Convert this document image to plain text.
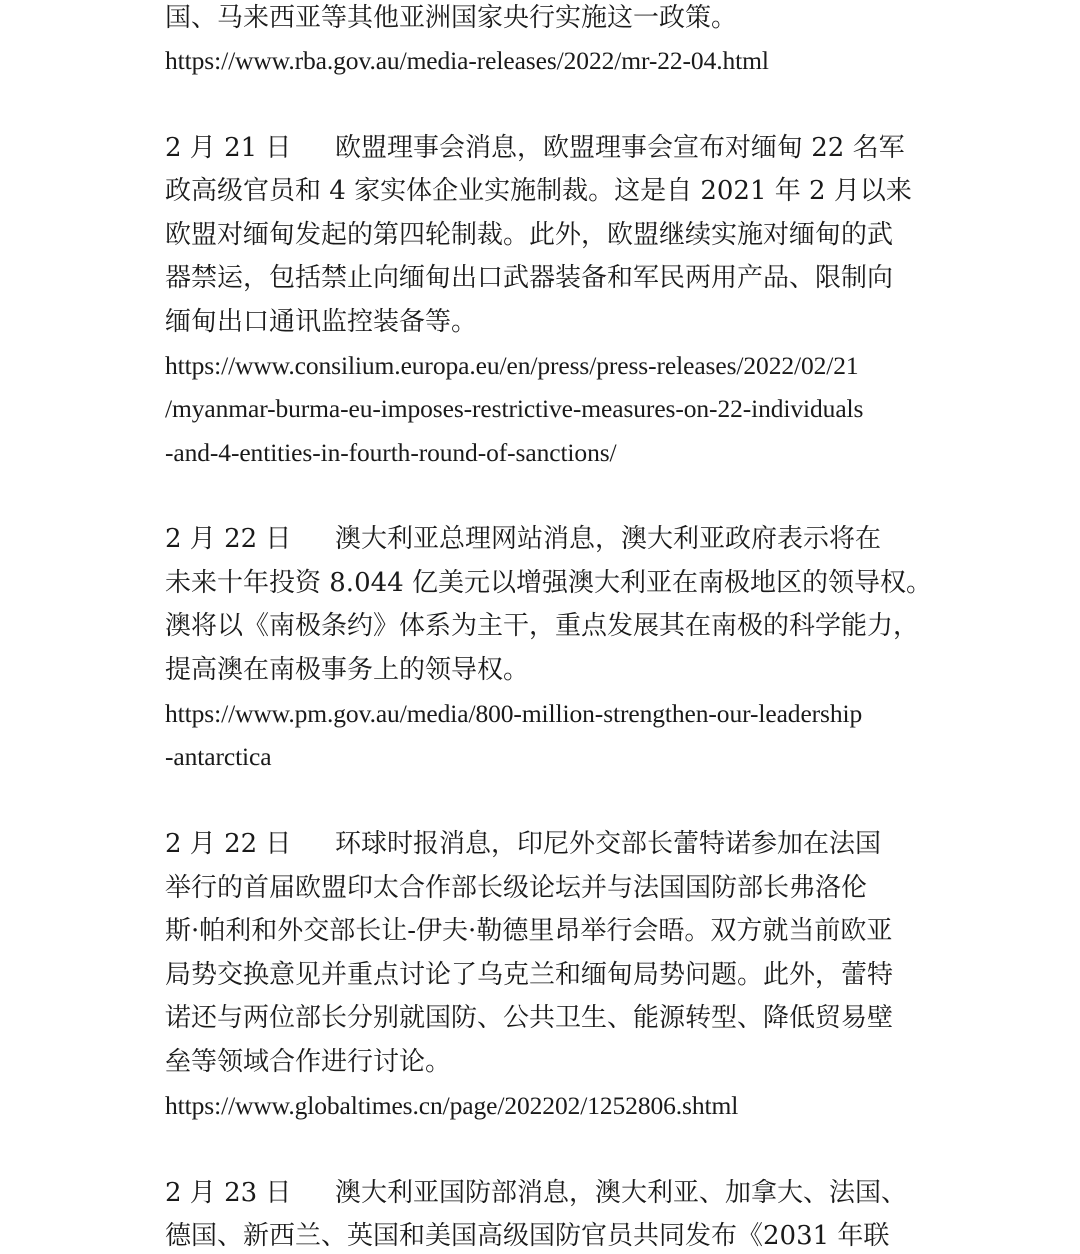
国、马来西亚等其他亚洲国家央行实施这一政策。
https://www.rba.gov.au/media-releases/2022/mr-22-04.html
2 月 21 日 欧盟理事会消息，欧盟理事会宣布对缅甸 22 名军
政高级官员和 4 家实体企业实施制裁。这是自 2021 年 2 月以来
欧盟对缅甸发起的第四轮制裁。此外，欧盟继续实施对缅甸的武
器禁运，包括禁止向缅甸出口武器装备和军民两用产品、限制向
缅甸出口通讯监控装备等。
https://www.consilium.europa.eu/en/press/press-releases/2022/02/21
/myanmar-burma-eu-imposes-restrictive-measures-on-22-individuals
-and-4-entities-in-fourth-round-of-sanctions/
2 月 22 日 澳大利亚总理网站消息，澳大利亚政府表示将在
未来十年投资 8.044 亿美元以增强澳大利亚在南极地区的领导权。
澳将以《南极条约》体系为主干，重点发展其在南极的科学能力，
提高澳在南极事务上的领导权。
https://www.pm.gov.au/media/800-million-strengthen-our-leadership
-antarctica
2 月 22 日 环球时报消息，印尼外交部长蕾特诺参加在法国
举行的首届欧盟印太合作部长级论坛并与法国国防部长弗洛伦
斯·帕利和外交部长让-伊夫·勒德里昂举行会晤。双方就当前欧亚
局势交换意见并重点讨论了乌克兰和缅甸局势问题。此外，蕾特
诺还与两位部长分别就国防、公共卫生、能源转型、降低贸易壁
垒等领域合作进行讨论。
https://www.globaltimes.cn/page/202202/1252806.shtml
2 月 23 日 澳大利亚国防部消息，澳大利亚、加拿大、法国、
德国、新西兰、英国和美国高级国防官员共同发布《2031 年联
